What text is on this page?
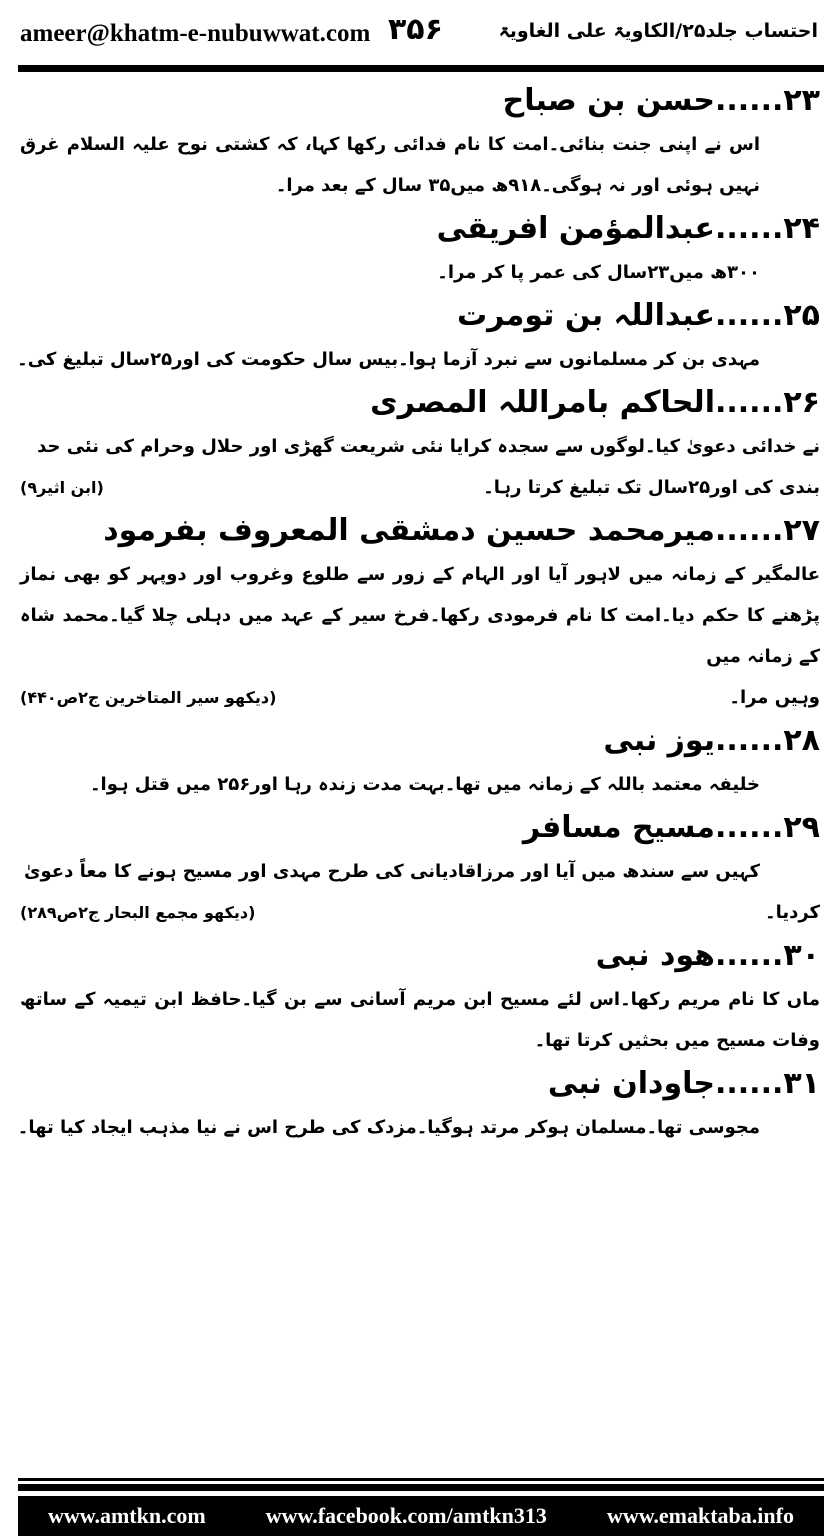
ameer@khatm-e-nubuwwat.com ۳۵۶	احتساب جلد۲۵/الکاویۃ علی الغاویۃ
۲۳......حسن بن صباح
اس نے اپنی جنت بنائی۔امت کا نام فدائی رکھا کہا، کہ کشتی نوح علیہ السلام غرق نہیں ہوئی اور نہ ہوگی۔۹۱۸ھ میں۳۵ سال کے بعد مرا۔
۲۴......عبدالمؤمن افریقی
۳۰۰ھ میں۲۳سال کی عمر پا کر مرا۔
۲۵......عبداللہ بن تومرت
مہدی بن کر مسلمانوں سے نبرد آزما ہوا۔بیس سال حکومت کی اور۲۵سال تبلیغ کی۔
۲۶......الحاکم بامراللہ المصری
نے خدائی دعویٰ کیا۔لوگوں سے سجدہ کرایا نئی شریعت گھڑی اور حلال وحرام کی نئی حد
بندی کی اور۲۵سال تک تبلیغ کرتا رہا۔
(ابن اثیر۹)
۲۷......میرمحمد حسین دمشقی المعروف بفرمود
عالمگیر کے زمانہ میں لاہور آیا اور الہام کے زور سے طلوع وغروب اور دوپہر کو بھی نماز پڑھنے کا حکم دیا۔امت کا نام فرمودی رکھا۔فرخ سیر کے عہد میں دہلی چلا گیا۔محمد شاہ کے زمانہ میں
وہیں مرا۔
(دیکھو سیر المتاخرین ج۲ص۴۴۰)
۲۸......یوز نبی
خلیفہ معتمد باللہ کے زمانہ میں تھا۔بہت مدت زندہ رہا اور۲۵۶ میں قتل ہوا۔
۲۹......مسیح مسافر
کہیں سے سندھ میں آیا اور مرزاقادیانی کی طرح مہدی اور مسیح ہونے کا معاً دعویٰ
کردیا۔
(دیکھو مجمع البحار ج۲ص۲۸۹)
۳۰......ھود نبی
ماں کا نام مریم رکھا۔اس لئے مسیح ابن مریم آسانی سے بن گیا۔حافظ ابن تیمیہ کے ساتھ وفات مسیح میں بحثیں کرتا تھا۔
۳۱......جاودان نبی
مجوسی تھا۔مسلمان ہوکر مرتد ہوگیا۔مزدک کی طرح اس نے نیا مذہب ایجاد کیا تھا۔
www.amtkn.com	www.facebook.com/amtkn313	www.emaktaba.info
